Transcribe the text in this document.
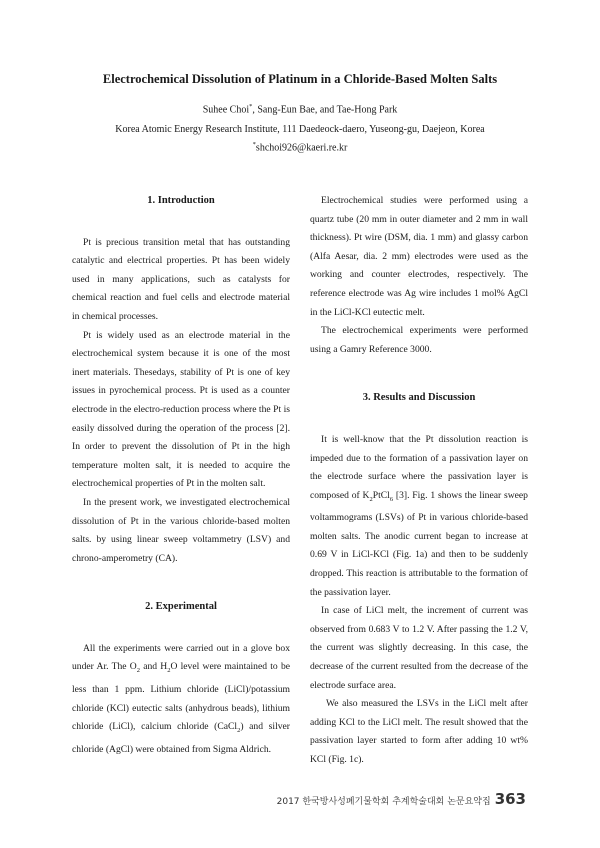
Electrochemical Dissolution of Platinum in a Chloride-Based Molten Salts
Suhee Choi*, Sang-Eun Bae, and Tae-Hong Park
Korea Atomic Energy Research Institute, 111 Daedeock-daero, Yuseong-gu, Daejeon, Korea
*shchoi926@kaeri.re.kr
1. Introduction

Pt is precious transition metal that has outstanding catalytic and electrical properties. Pt has been widely used in many applications, such as catalysts for chemical reaction and fuel cells and electrode material in chemical processes.

Pt is widely used as an electrode material in the electrochemical system because it is one of the most inert materials. Thesedays, stability of Pt is one of key issues in pyrochemical process. Pt is used as a counter electrode in the electro-reduction process where the Pt is easily dissolved during the operation of the process [2]. In order to prevent the dissolution of Pt in the high temperature molten salt, it is needed to acquire the electrochemical properties of Pt in the molten salt.

In the present work, we investigated electrochemical dissolution of Pt in the various chloride-based molten salts. by using linear sweep voltammetry (LSV) and chrono-amperometry (CA).

2. Experimental

All the experiments were carried out in a glove box under Ar. The $O_2$ and $H_2O$ level were maintained to be less than 1 ppm. Lithium chloride (LiCl)/potassium chloride (KCl) eutectic salts (anhydrous beads), lithium chloride (LiCl), calcium chloride (CaCl$_2$) and silver chloride (AgCl) were obtained from Sigma Aldrich.

Electrochemical studies were performed using a quartz tube (20 mm in outer diameter and 2 mm in wall thickness). Pt wire (DSM, dia. 1 mm) and glassy carbon (Alfa Aesar, dia. 2 mm) electrodes were used as the working and counter electrodes, respectively. The reference electrode was Ag wire includes 1 mol% AgCl in the LiCl-KCl eutectic melt.

The electrochemical experiments were performed using a Gamry Reference 3000.

3. Results and Discussion

It is well-know that the Pt dissolution reaction is impeded due to the formation of a passivation layer on the electrode surface where the passivation layer is composed of $K_2PtCl_6$ [3]. Fig. 1 shows the linear sweep voltammograms (LSVs) of Pt in various chloride-based molten salts. The anodic current began to increase at 0.69 V in LiCl-KCl (Fig. 1a) and then to be suddenly dropped. This reaction is attributable to the formation of the passivation layer.

In case of LiCl melt, the increment of current was observed from 0.683 V to 1.2 V. After passing the 1.2 V, the current was slightly decreasing. In this case, the decrease of the current resulted from the decrease of the electrode surface area.

We also measured the LSVs in the LiCl melt after adding KCl to the LiCl melt. The result showed that the passivation layer started to form after adding 10 wt% KCl (Fig. 1c).

2017 한국방사성폐기물학회 추계학술대회 논문요약집 363
